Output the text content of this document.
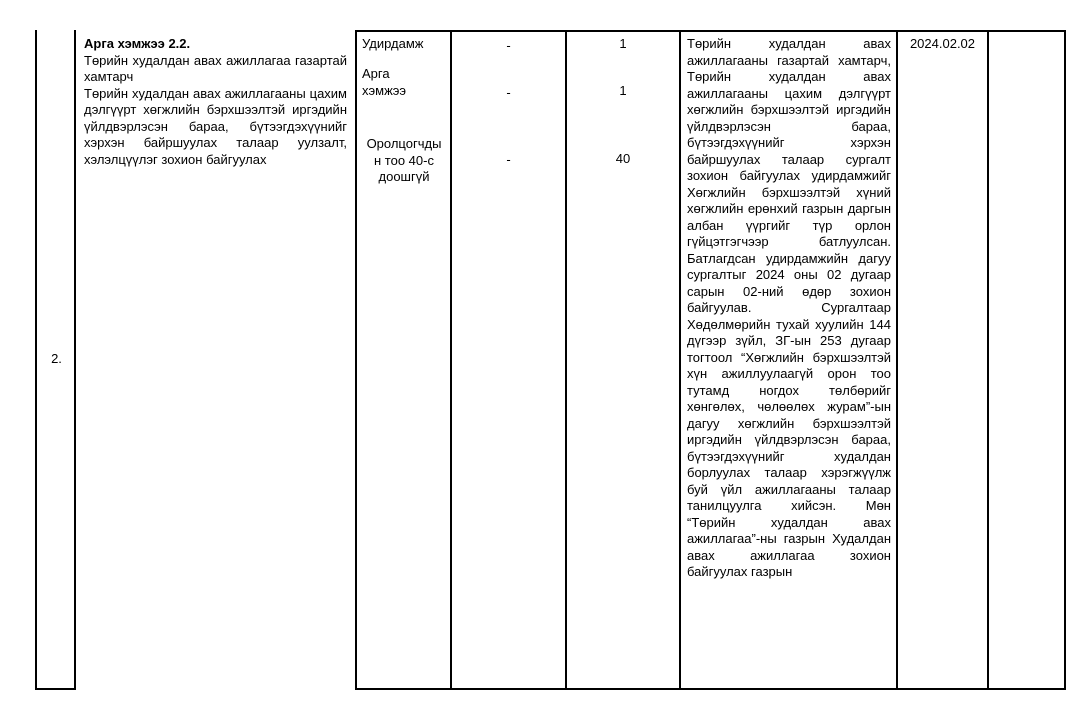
2.
Арга хэмжээ 2.2.
Төрийн худалдан авах ажиллагаа газартай хамтарч
Төрийн худалдан авах ажиллагааны цахим дэлгүүрт хөгжлийн бэрхшээлтэй иргэдийн үйлдвэрлэсэн бараа, бүтээгдэхүүнийг хэрхэн байршуулах талаар уулзалт, хэлэлцүүлэг зохион байгуулах
Удирдамж
Арга хэмжээ
Оролцогчдын тоо 40-с доошгүй
-
-
-
1
1
40
Төрийн худалдан авах ажиллагааны газартай хамтарч, Төрийн худалдан авах ажиллагааны цахим дэлгүүрт хөгжлийн бэрхшээлтэй иргэдийн үйлдвэрлэсэн бараа, бүтээгдэхүүнийг хэрхэн байршуулах талаар сургалт зохион байгуулах удирдамжийг Хөгжлийн бэрхшээлтэй хүний хөгжлийн ерөнхий газрын даргын албан үүргийг түр орлон гүйцэтгэгчээр батлуулсан. Батлагдсан удирдамжийн дагуу сургалтыг 2024 оны 02 дугаар сарын 02-ний өдөр зохион байгуулав. Сургалтаар Хөдөлмөрийн тухай хуулийн 144 дүгээр зүйл, ЗГ-ын 253 дугаар тогтоол “Хөгжлийн бэрхшээлтэй хүн ажиллуулаагүй орон тоо тутамд ногдох төлбөрийг хөнгөлөх, чөлөөлөх журам”-ын дагуу хөгжлийн бэрхшээлтэй иргэдийн үйлдвэрлэсэн бараа, бүтээгдэхүүнийг худалдан борлуулах талаар хэрэгжүүлж буй үйл ажиллагааны талаар танилцуулга хийсэн. Мөн “Төрийн худалдан авах ажиллагаа”-ны газрын Худалдан авах ажиллагаа зохион байгуулах газрын
2024.02.02
